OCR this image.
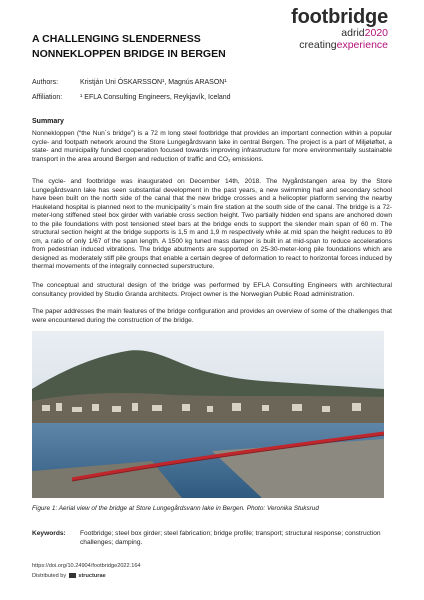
footbridge
adrid2020
creatingexperience
A CHALLENGING SLENDERNESS
NONNEKLOPPEN BRIDGE IN BERGEN
Authors:	Kristján Uni ÓSKARSSON¹, Magnús ARASON¹
Affiliation:	¹ EFLA Consulting Engineers, Reykjavík, Iceland
Summary

Nonnekloppen (“the Nun´s bridge”) is a 72 m long steel footbridge that provides an important connection within a popular cycle- and footpath network around the Store Lungegårdsvann lake in central Bergen. The project is a part of Miljøløftet, a state- and municipality funded cooperation focused towards improving infrastructure for more environmentally sustainable transport in the area around Bergen and reduction of traffic and CO₂ emissions.

The cycle- and footbridge was inaugurated on December 14th, 2018. The Nygårdstangen area by the Store Lungegårdsvann lake has seen substantial development in the past years, a new swimming hall and secondary school have been built on the north side of the canal that the new bridge crosses and a helicopter platform serving the nearby Haukeland hospital is planned next to the municipality´s main fire station at the south side of the canal. The bridge is a 72-meter-long stiffened steel box girder with variable cross section height. Two partially hidden end spans are anchored down to the pile foundations with post tensioned steel bars at the bridge ends to support the slender main span of 60 m. The structural section height at the bridge supports is 1,5 m and 1,9 m respectively while at mid span the height reduces to 89 cm, a ratio of only 1/67 of the span length. A 1500 kg tuned mass damper is built in at mid-span to reduce accelerations from pedestrian induced vibrations. The bridge abutments are supported on 25-30-meter-long pile foundations which are designed as moderately stiff pile groups that enable a certain degree of deformation to react to horizontal forces induced by thermal movements of the integrally connected superstructure.

The conceptual and structural design of the bridge was performed by EFLA Consulting Engineers with architectural consultancy provided by Studio Granda architects. Project owner is the Norwegian Public Road administration.

The paper addresses the main features of the bridge configuration and provides an overview of some of the challenges that were encountered during the construction of the bridge.

Figure 1: Aerial view of the bridge at Store Lungegårdsvann lake in Bergen. Photo: Veronika Stuksrud
Keywords: Footbridge; steel box girder; steel fabrication; bridge profile; transport; structural response; construction challenges; damping.
https://doi.org/10.24904/footbridge2022.164
Distributed by structurae
